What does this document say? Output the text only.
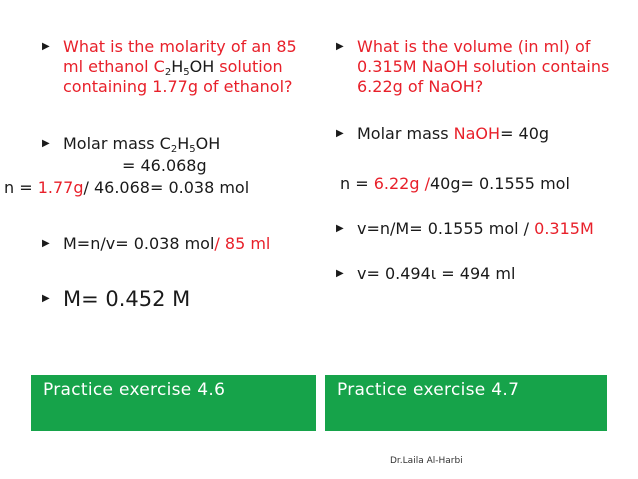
▶ What is the molarity of an 85
ml ethanol C2H5OH solution
containing 1.77g of ethanol?
▶ Molar mass C2H5OH
= 46.068g
n = 1.77g/ 46.068= 0.038 mol
▶ M=n/v= 0.038 mol/ 85 ml
▶ M= 0.452 M
▶ What is the volume (in ml) of
0.315M NaOH solution contains
6.22g of NaOH?
▶ Molar mass NaOH= 40g
n = 6.22g /40g= 0.1555 mol
▶ v=n/M= 0.1555 mol / 0.315M
▶ v= 0.494ι = 494 ml
Practice exercise 4.6	Practice exercise 4.7
Dr.Laila Al-Harbi
